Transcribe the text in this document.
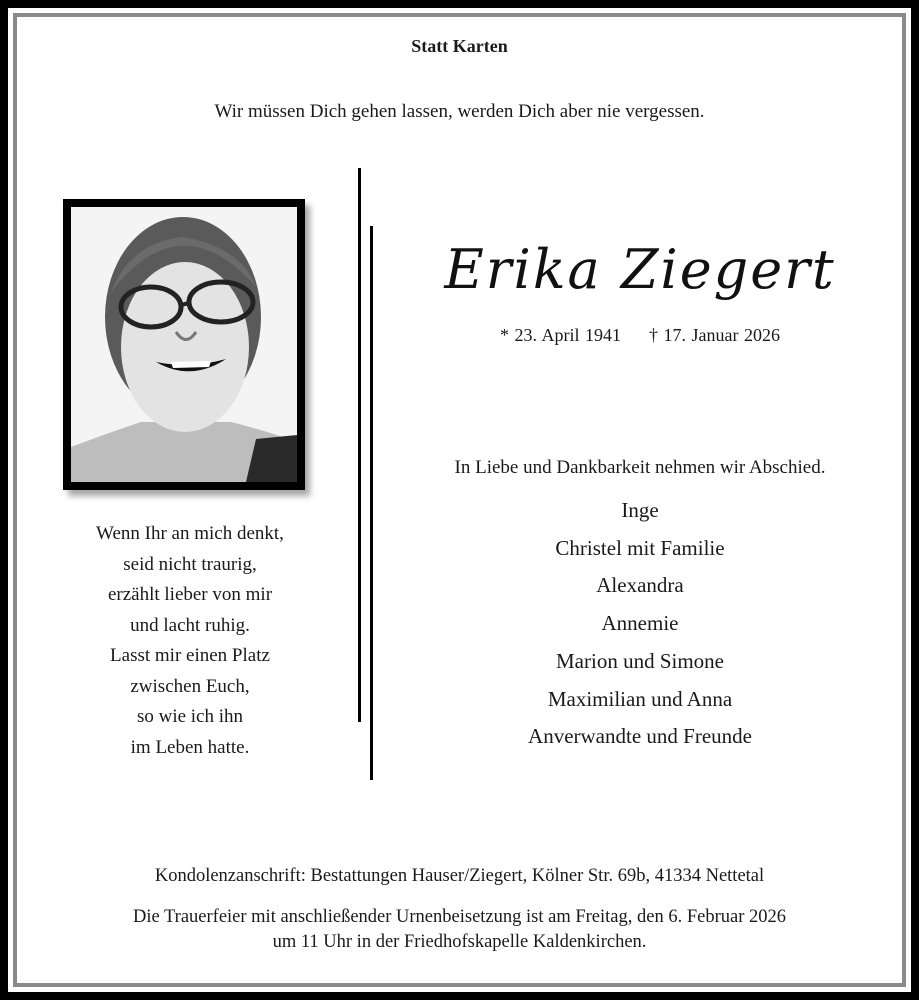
Statt Karten
Wir müssen Dich gehen lassen, werden Dich aber nie vergessen.
Wenn Ihr an mich denkt,
seid nicht traurig,
erzählt lieber von mir
und lacht ruhig.
Lasst mir einen Platz
zwischen Euch,
so wie ich ihn
im Leben hatte.
Erika Ziegert
* 23. April 1941 † 17. Januar 2026
In Liebe und Dankbarkeit nehmen wir Abschied.
Inge
Christel mit Familie
Alexandra
Annemie
Marion und Simone
Maximilian und Anna
Anverwandte und Freunde
Kondolenzanschrift: Bestattungen Hauser/Ziegert, Kölner Str. 69b, 41334 Nettetal
Die Trauerfeier mit anschließender Urnenbeisetzung ist am Freitag, den 6. Februar 2026
um 11 Uhr in der Friedhofskapelle Kaldenkirchen.
